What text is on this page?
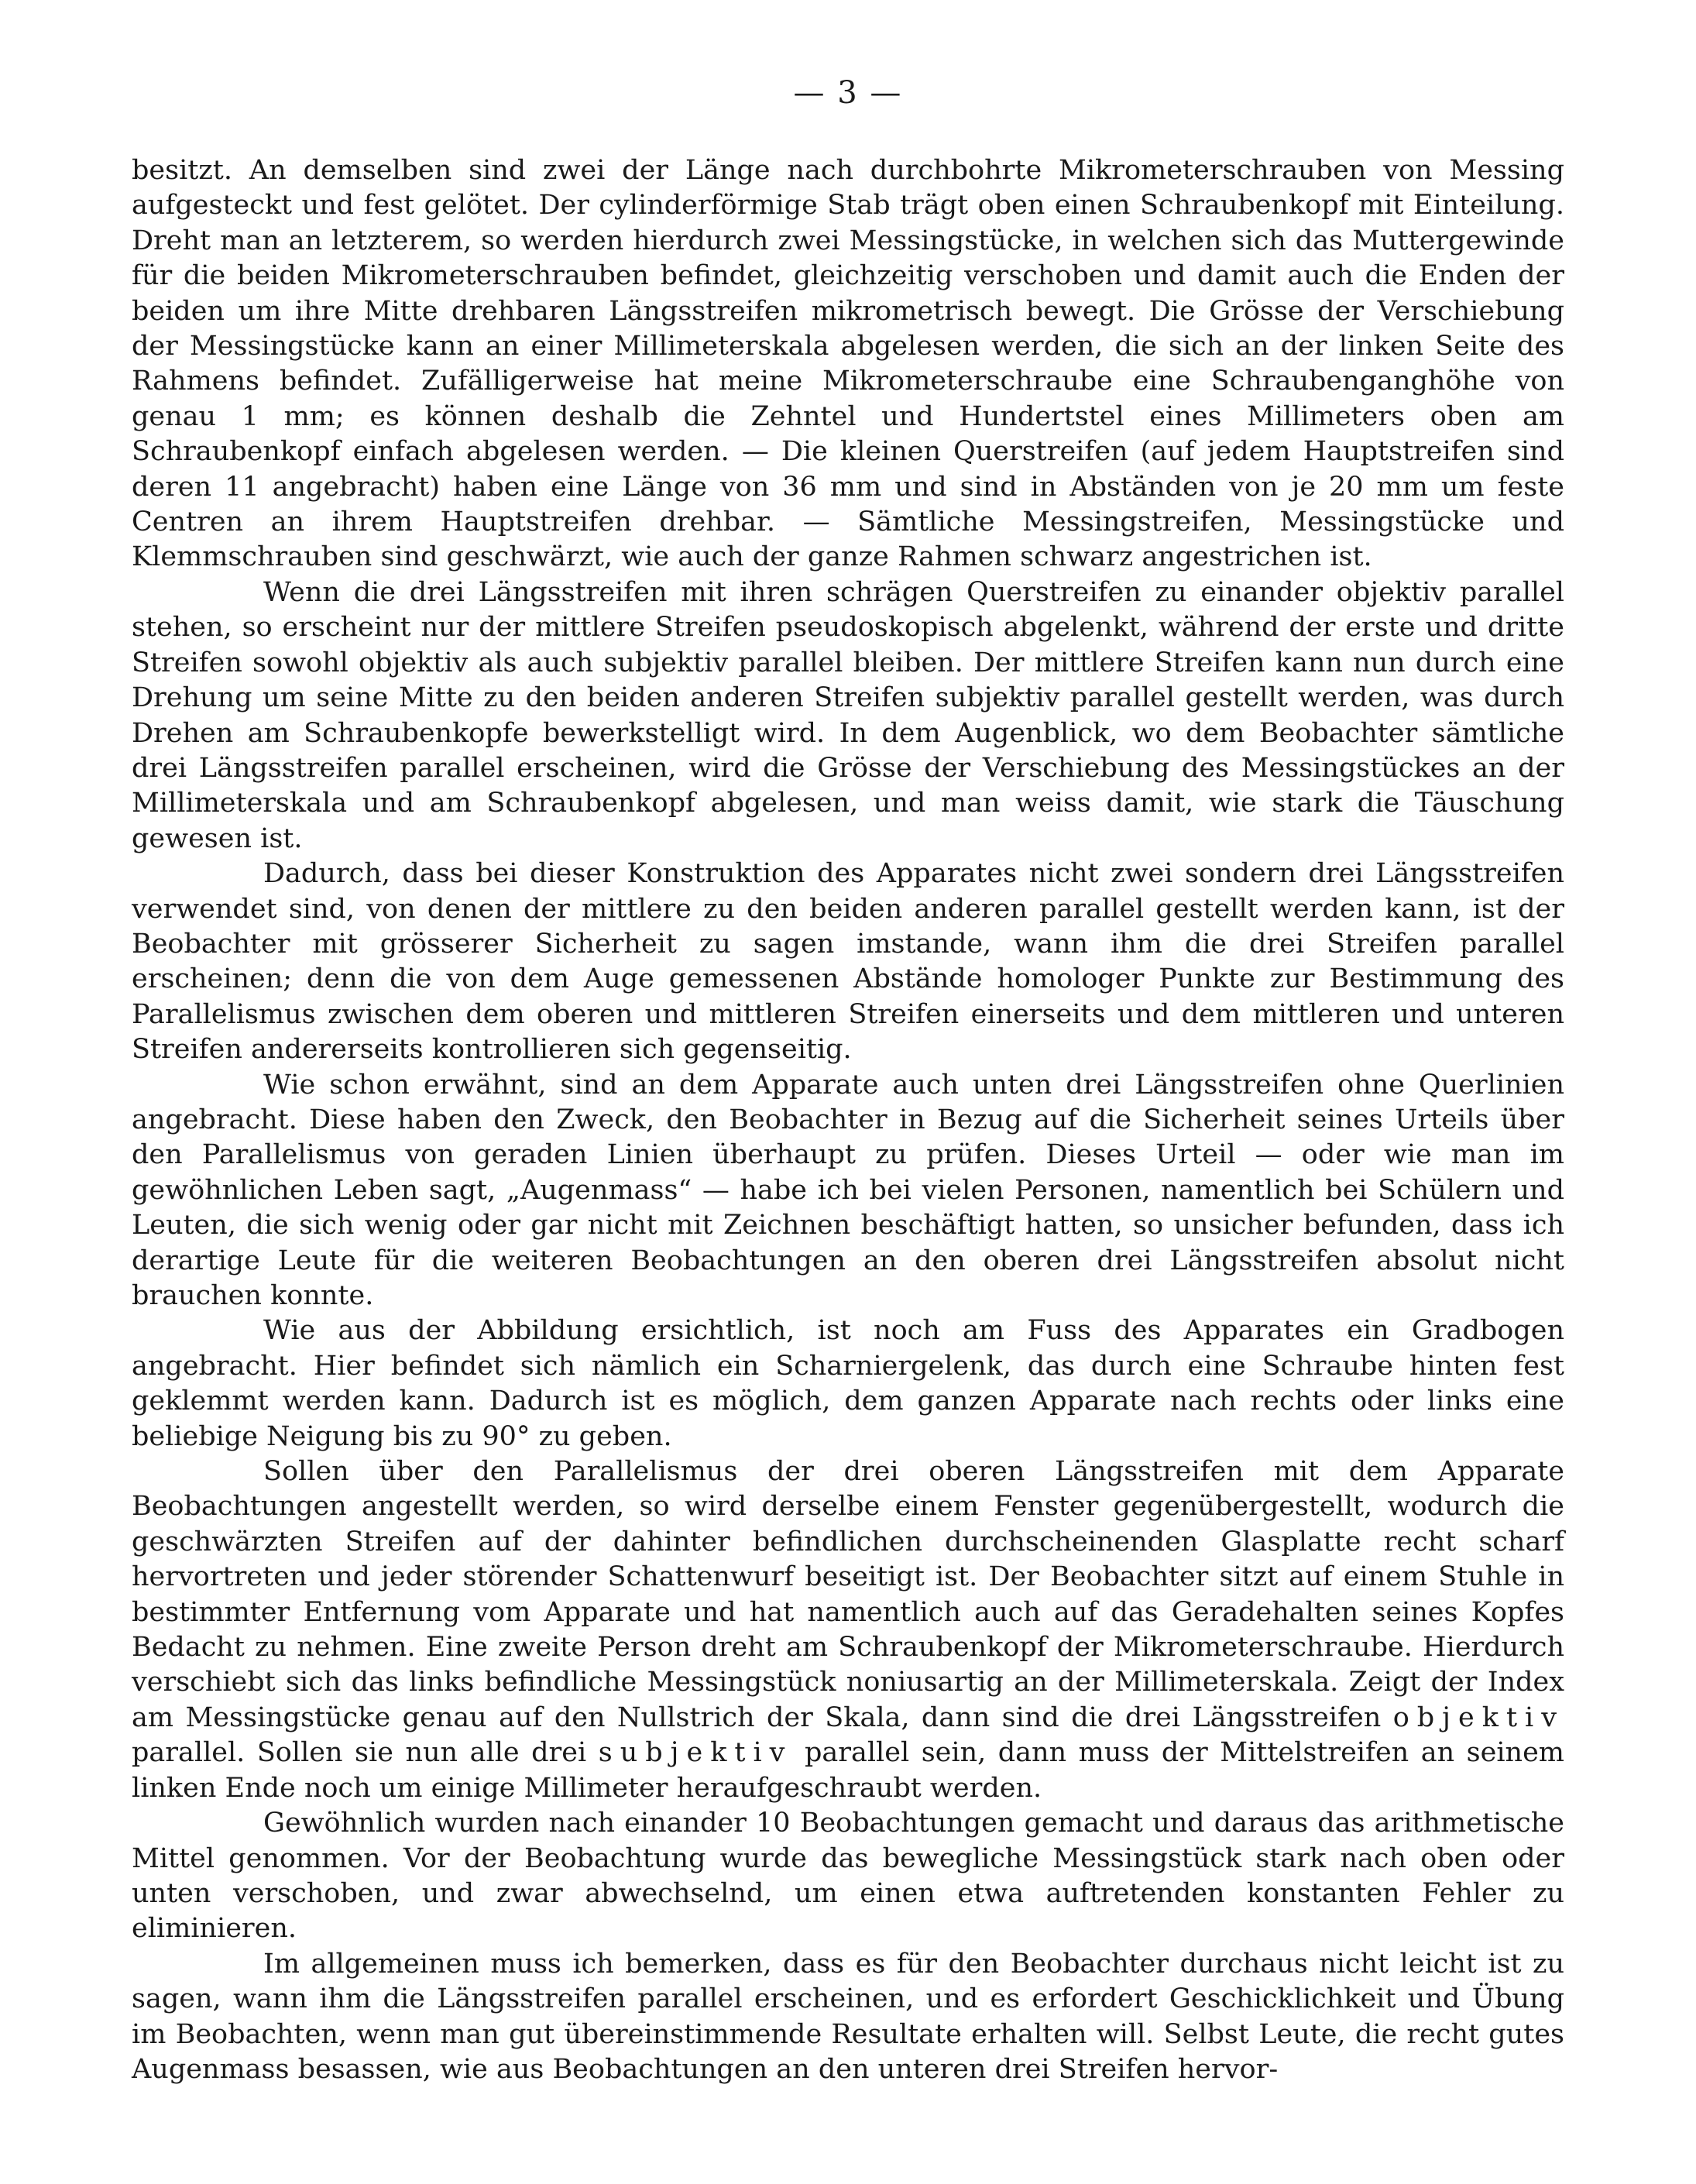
— 3 —

besitzt. An demselben sind zwei der Länge nach durchbohrte Mikrometerschrauben von Messing aufgesteckt und fest gelötet. Der cylinderförmige Stab trägt oben einen Schraubenkopf mit Einteilung. Dreht man an letzterem, so werden hierdurch zwei Messingstücke, in welchen sich das Muttergewinde für die beiden Mikrometerschrauben befindet, gleichzeitig verschoben und damit auch die Enden der beiden um ihre Mitte drehbaren Längsstreifen mikrometrisch bewegt. Die Grösse der Verschiebung der Messingstücke kann an einer Millimeterskala abgelesen werden, die sich an der linken Seite des Rahmens befindet. Zufälligerweise hat meine Mikrometerschraube eine Schraubenganghöhe von genau 1 mm; es können deshalb die Zehntel und Hundertstel eines Millimeters oben am Schraubenkopf einfach abgelesen werden. — Die kleinen Querstreifen (auf jedem Hauptstreifen sind deren 11 angebracht) haben eine Länge von 36 mm und sind in Abständen von je 20 mm um feste Centren an ihrem Hauptstreifen drehbar. — Sämtliche Messingstreifen, Messingstücke und Klemmschrauben sind geschwärzt, wie auch der ganze Rahmen schwarz angestrichen ist.

Wenn die drei Längsstreifen mit ihren schrägen Querstreifen zu einander objektiv parallel stehen, so erscheint nur der mittlere Streifen pseudoskopisch abgelenkt, während der erste und dritte Streifen sowohl objektiv als auch subjektiv parallel bleiben. Der mittlere Streifen kann nun durch eine Drehung um seine Mitte zu den beiden anderen Streifen subjektiv parallel gestellt werden, was durch Drehen am Schraubenkopfe bewerkstelligt wird. In dem Augenblick, wo dem Beobachter sämtliche drei Längsstreifen parallel erscheinen, wird die Grösse der Verschiebung des Messingstückes an der Millimeterskala und am Schraubenkopf abgelesen, und man weiss damit, wie stark die Täuschung gewesen ist.

Dadurch, dass bei dieser Konstruktion des Apparates nicht zwei sondern drei Längsstreifen verwendet sind, von denen der mittlere zu den beiden anderen parallel gestellt werden kann, ist der Beobachter mit grösserer Sicherheit zu sagen imstande, wann ihm die drei Streifen parallel erscheinen; denn die von dem Auge gemessenen Abstände homologer Punkte zur Bestimmung des Parallelismus zwischen dem oberen und mittleren Streifen einerseits und dem mittleren und unteren Streifen andererseits kontrollieren sich gegenseitig.

Wie schon erwähnt, sind an dem Apparate auch unten drei Längsstreifen ohne Querlinien angebracht. Diese haben den Zweck, den Beobachter in Bezug auf die Sicherheit seines Urteils über den Parallelismus von geraden Linien überhaupt zu prüfen. Dieses Urteil — oder wie man im gewöhnlichen Leben sagt, „Augenmass“ — habe ich bei vielen Personen, namentlich bei Schülern und Leuten, die sich wenig oder gar nicht mit Zeichnen beschäftigt hatten, so unsicher befunden, dass ich derartige Leute für die weiteren Beobachtungen an den oberen drei Längsstreifen absolut nicht brauchen konnte.

Wie aus der Abbildung ersichtlich, ist noch am Fuss des Apparates ein Gradbogen angebracht. Hier befindet sich nämlich ein Scharniergelenk, das durch eine Schraube hinten fest geklemmt werden kann. Dadurch ist es möglich, dem ganzen Apparate nach rechts oder links eine beliebige Neigung bis zu 90° zu geben.

Sollen über den Parallelismus der drei oberen Längsstreifen mit dem Apparate Beobachtungen angestellt werden, so wird derselbe einem Fenster gegenübergestellt, wodurch die geschwärzten Streifen auf der dahinter befindlichen durchscheinenden Glasplatte recht scharf hervortreten und jeder störender Schattenwurf beseitigt ist. Der Beobachter sitzt auf einem Stuhle in bestimmter Entfernung vom Apparate und hat namentlich auch auf das Geradehalten seines Kopfes Bedacht zu nehmen. Eine zweite Person dreht am Schraubenkopf der Mikrometerschraube. Hierdurch verschiebt sich das links befindliche Messingstück noniusartig an der Millimeterskala. Zeigt der Index am Messingstücke genau auf den Nullstrich der Skala, dann sind die drei Längsstreifen objektiv parallel. Sollen sie nun alle drei subjektiv parallel sein, dann muss der Mittelstreifen an seinem linken Ende noch um einige Millimeter heraufgeschraubt werden.

Gewöhnlich wurden nach einander 10 Beobachtungen gemacht und daraus das arithmetische Mittel genommen. Vor der Beobachtung wurde das bewegliche Messingstück stark nach oben oder unten verschoben, und zwar abwechselnd, um einen etwa auftretenden konstanten Fehler zu eliminieren.

Im allgemeinen muss ich bemerken, dass es für den Beobachter durchaus nicht leicht ist zu sagen, wann ihm die Längsstreifen parallel erscheinen, und es erfordert Geschicklichkeit und Übung im Beobachten, wenn man gut übereinstimmende Resultate erhalten will. Selbst Leute, die recht gutes Augenmass besassen, wie aus Beobachtungen an den unteren drei Streifen hervor-
